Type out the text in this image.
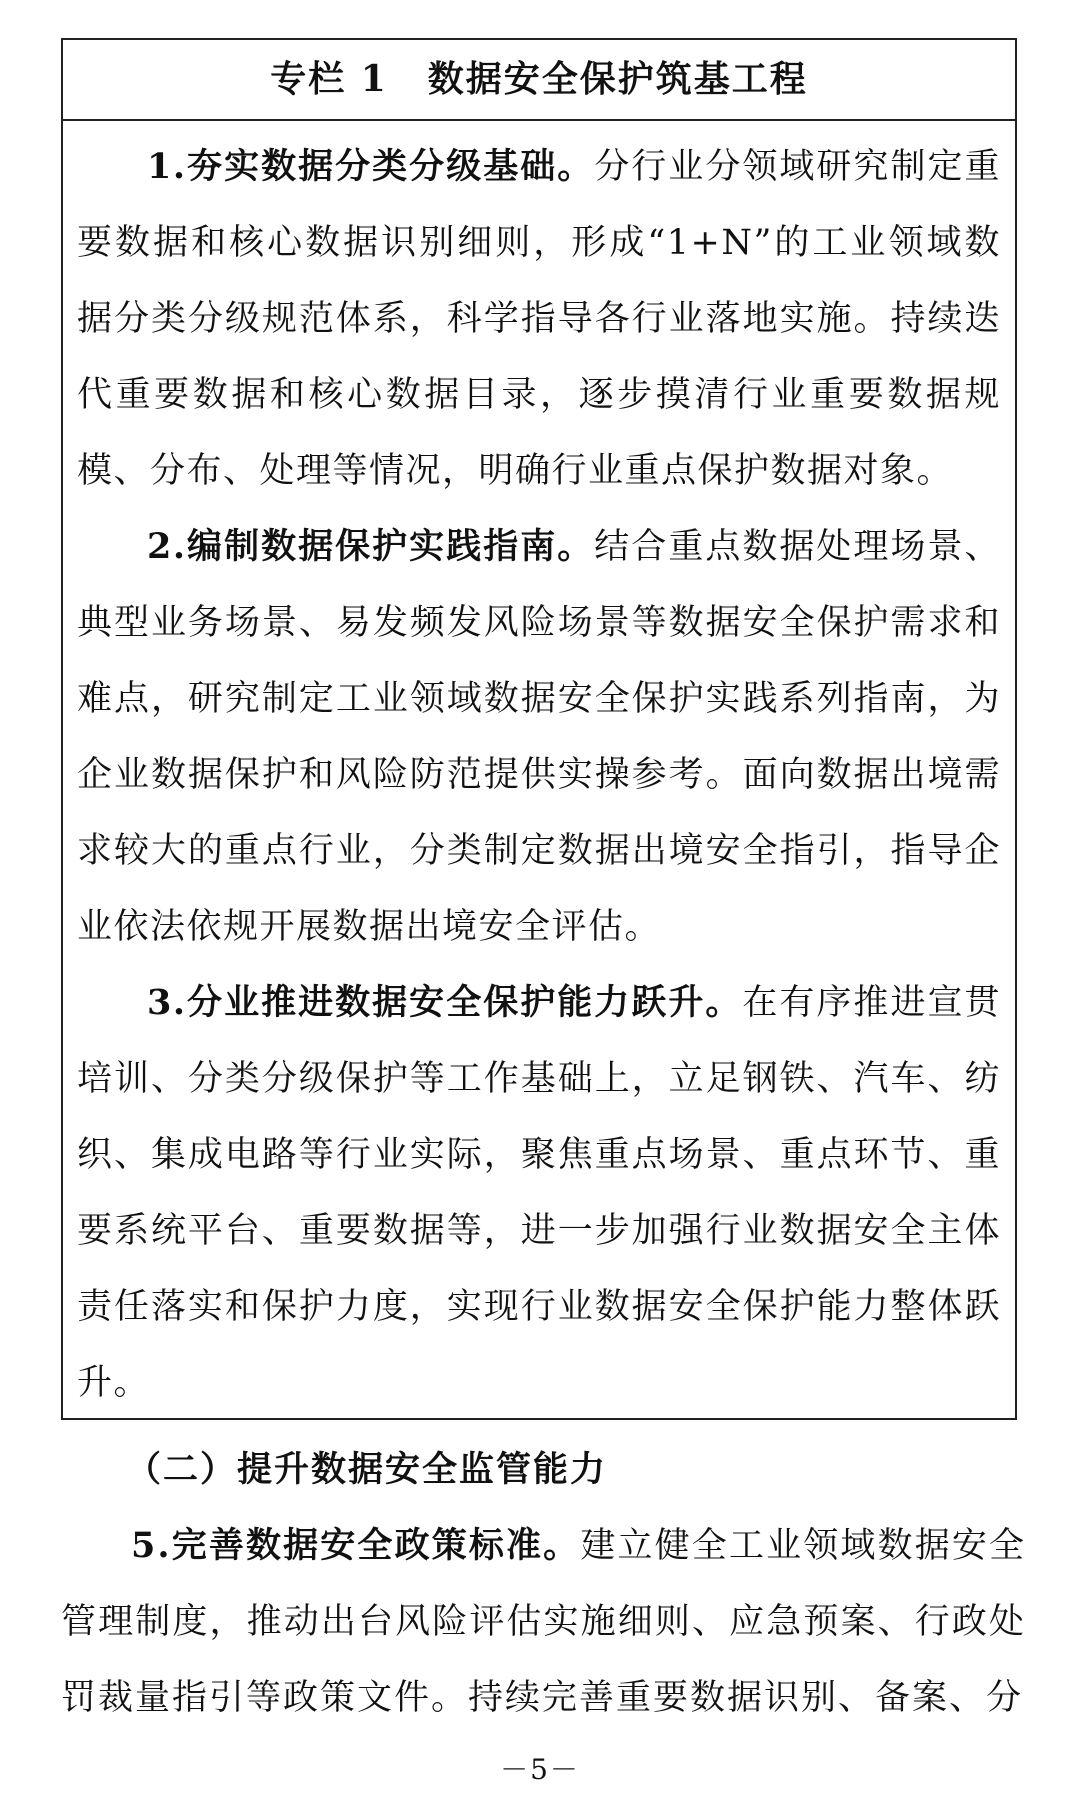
专栏 1 数据安全保护筑基工程

1.夯实数据分类分级基础。分行业分领域研究制定重要数据和核心数据识别细则，形成“1+N”的工业领域数据分类分级规范体系，科学指导各行业落地实施。持续迭代重要数据和核心数据目录，逐步摸清行业重要数据规模、分布、处理等情况，明确行业重点保护数据对象。

2.编制数据保护实践指南。结合重点数据处理场景、典型业务场景、易发频发风险场景等数据安全保护需求和难点，研究制定工业领域数据安全保护实践系列指南，为企业数据保护和风险防范提供实操参考。面向数据出境需求较大的重点行业，分类制定数据出境安全指引，指导企业依法依规开展数据出境安全评估。

3.分业推进数据安全保护能力跃升。在有序推进宣贯培训、分类分级保护等工作基础上，立足钢铁、汽车、纺织、集成电路等行业实际，聚焦重点场景、重点环节、重要系统平台、重要数据等，进一步加强行业数据安全主体责任落实和保护力度，实现行业数据安全保护能力整体跃升。

（二）提升数据安全监管能力

5.完善数据安全政策标准。建立健全工业领域数据安全管理制度，推动出台风险评估实施细则、应急预案、行政处罚裁量指引等政策文件。持续完善重要数据识别、备案、分

－5－
